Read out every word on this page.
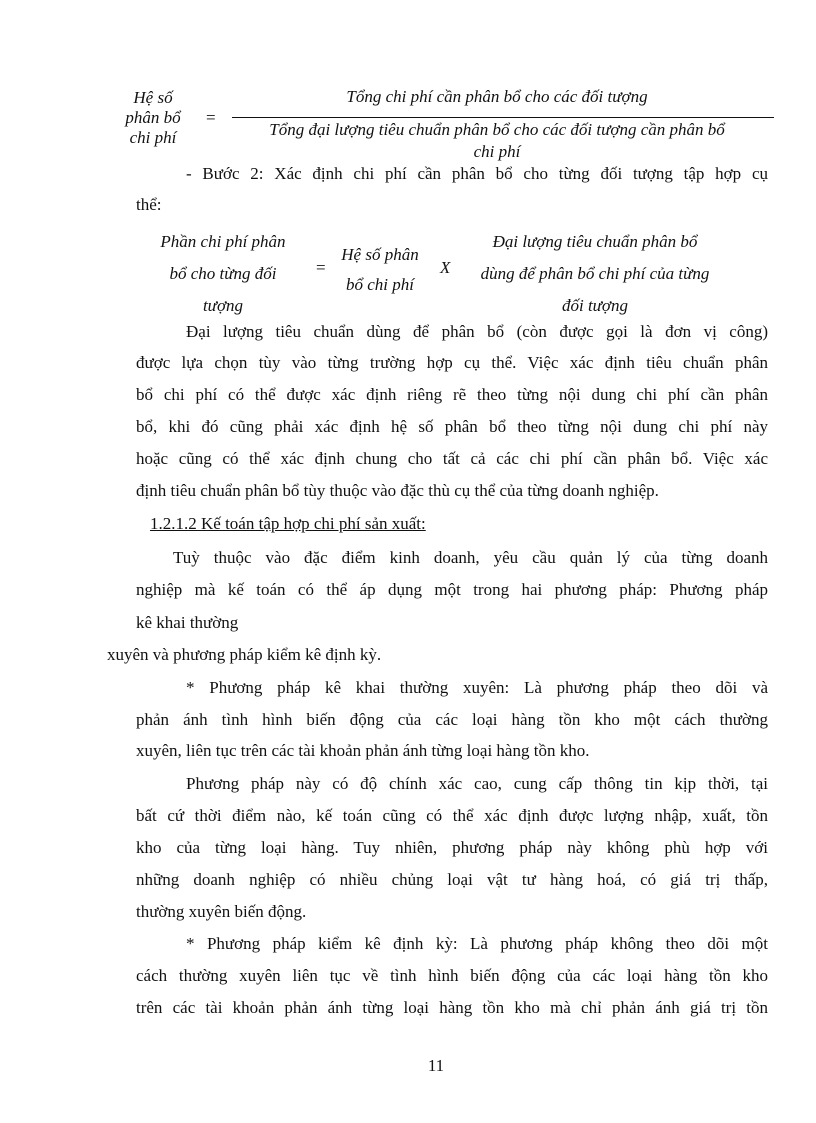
Hệ số
phân bổ
chi phí
=
Tổng chi phí cần phân bổ cho các đối tượng
Tổng đại lượng tiêu chuẩn phân bổ cho các đối tượng cần phân bổ
chi phí
- Bước 2: Xác định chi phí cần phân bổ cho từng đối tượng tập hợp cụ
thể:
Phần chi phí phân
bổ cho từng đối
tượng
=
Hệ số phân
bổ chi phí
X
Đại lượng tiêu chuẩn phân bổ
dùng để phân bổ chi phí của từng
đối tượng
Đại lượng tiêu chuẩn dùng để phân bổ (còn được gọi là đơn vị công)
được lựa chọn tùy vào từng trường hợp cụ thể. Việc xác định tiêu chuẩn phân
bổ chi phí có thể được xác định riêng rẽ theo từng nội dung chi phí cần phân
bổ, khi đó cũng phải xác định hệ số phân bổ theo từng nội dung chi phí này
hoặc cũng có thể xác định chung cho tất cả các chi phí cần phân bổ. Việc xác
định tiêu chuẩn phân bổ tùy thuộc vào đặc thù cụ thể của từng doanh nghiệp.
1.2.1.2 Kế toán tập hợp chi phí sản xuất:
Tuỳ thuộc vào đặc điểm kinh doanh, yêu cầu quản lý của từng doanh
nghiệp mà kế toán có thể áp dụng một trong hai phương pháp: Phương pháp
kê khai thường
xuyên và phương pháp kiểm kê định kỳ.
* Phương pháp kê khai thường xuyên: Là phương pháp theo dõi và
phản ánh tình hình biến động của các loại hàng tồn kho một cách thường
xuyên, liên tục trên các tài khoản phản ánh từng loại hàng tồn kho.
Phương pháp này có độ chính xác cao, cung cấp thông tin kịp thời, tại
bất cứ thời điểm nào, kế toán cũng có thể xác định được lượng nhập, xuất, tồn
kho của từng loại hàng. Tuy nhiên, phương pháp này không phù hợp với
những doanh nghiệp có nhiều chủng loại vật tư hàng hoá, có giá trị thấp,
thường xuyên biến động.
* Phương pháp kiểm kê định kỳ: Là phương pháp không theo dõi một
cách thường xuyên liên tục về tình hình biến động của các loại hàng tồn kho
trên các tài khoản phản ánh từng loại hàng tồn kho mà chỉ phản ánh giá trị tồn
11
